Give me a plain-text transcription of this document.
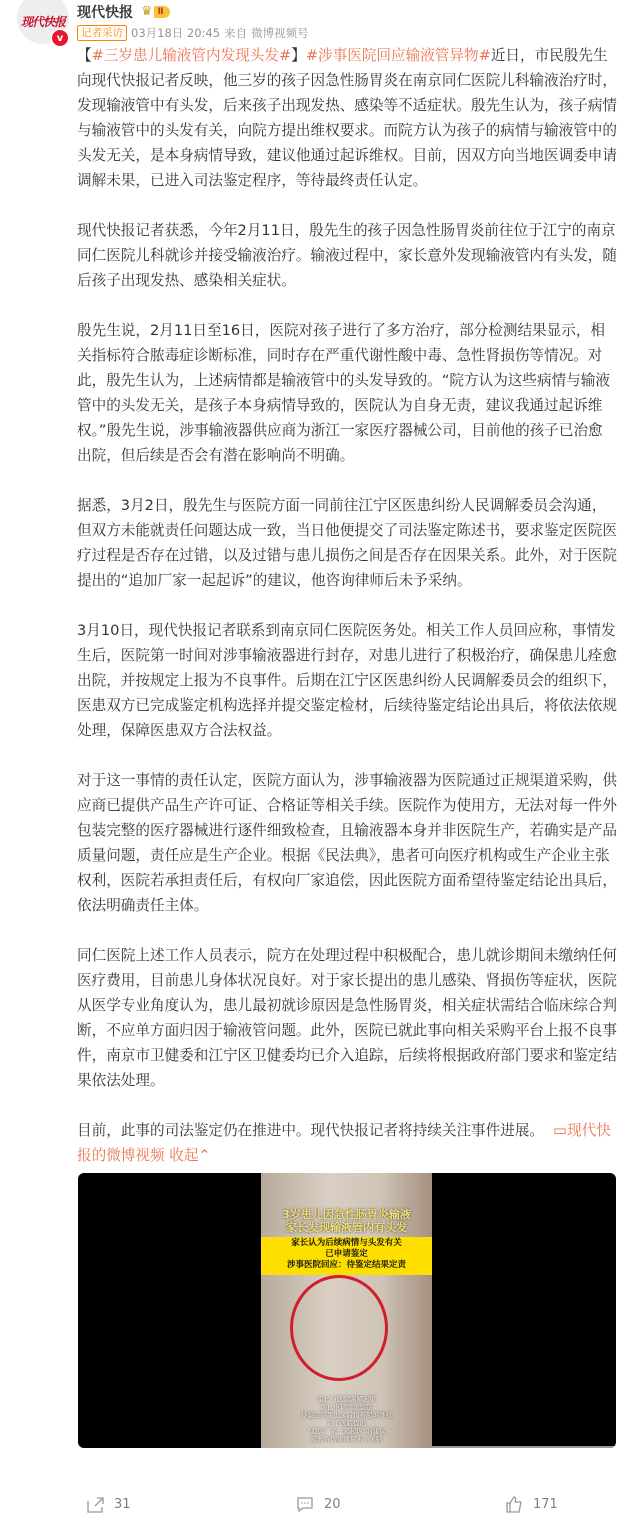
现代快报
v
现代快报 ♛ Ⅱ
记者采访 03月18日 20:45 来自 微博视频号

【#三岁患儿输液管内发现头发#】#涉事医院回应输液管异物#近日，市民殷先生向现代快报记者反映，他三岁的孩子因急性肠胃炎在南京同仁医院儿科输液治疗时，发现输液管中有头发，后来孩子出现发热、感染等不适症状。殷先生认为，孩子病情与输液管中的头发有关，向院方提出维权要求。而院方认为孩子的病情与输液管中的头发无关，是本身病情导致，建议他通过起诉维权。目前，因双方向当地医调委申请调解未果，已进入司法鉴定程序，等待最终责任认定。

现代快报记者获悉，今年2月11日，殷先生的孩子因急性肠胃炎前往位于江宁的南京同仁医院儿科就诊并接受输液治疗。输液过程中，家长意外发现输液管内有头发，随后孩子出现发热、感染相关症状。

殷先生说，2月11日至16日，医院对孩子进行了多方治疗，部分检测结果显示，相关指标符合脓毒症诊断标准，同时存在严重代谢性酸中毒、急性肾损伤等情况。对此，殷先生认为，上述病情都是输液管中的头发导致的。“院方认为这些病情与输液管中的头发无关，是孩子本身病情导致的，医院认为自身无责，建议我通过起诉维权。”殷先生说，涉事输液器供应商为浙江一家医疗器械公司，目前他的孩子已治愈出院，但后续是否会有潜在影响尚不明确。

据悉，3月2日，殷先生与医院方面一同前往江宁区医患纠纷人民调解委员会沟通，但双方未能就责任问题达成一致，当日他便提交了司法鉴定陈述书，要求鉴定医院医疗过程是否存在过错，以及过错与患儿损伤之间是否存在因果关系。此外，对于医院提出的“追加厂家一起起诉”的建议，他咨询律师后未予采纳。

3月10日，现代快报记者联系到南京同仁医院医务处。相关工作人员回应称，事情发生后，医院第一时间对涉事输液器进行封存，对患儿进行了积极治疗，确保患儿痊愈出院，并按规定上报为不良事件。后期在江宁区医患纠纷人民调解委员会的组织下，医患双方已完成鉴定机构选择并提交鉴定检材，后续待鉴定结论出具后，将依法依规处理，保障医患双方合法权益。

对于这一事情的责任认定，医院方面认为，涉事输液器为医院通过正规渠道采购，供应商已提供产品生产许可证、合格证等相关手续。医院作为使用方，无法对每一件外包装完整的医疗器械进行逐件细致检查，且输液器本身并非医院生产，若确实是产品质量问题，责任应是生产企业。根据《民法典》，患者可向医疗机构或生产企业主张权利，医院若承担责任后，有权向厂家追偿，因此医院方面希望待鉴定结论出具后，依法明确责任主体。

同仁医院上述工作人员表示，院方在处理过程中积极配合，患儿就诊期间未缴纳任何医疗费用，目前患儿身体状况良好。对于家长提出的患儿感染、肾损伤等症状，医院从医学专业角度认为，患儿最初就诊原因是急性肠胃炎，相关症状需结合临床综合判断，不应单方面归因于输液管问题。此外，医院已就此事向相关采购平台上报不良事件，南京市卫健委和江宁区卫健委均已介入追踪，后续将根据政府部门要求和鉴定结果依法处理。

目前，此事的司法鉴定仍在推进中。现代快报记者将持续关注事件进展。 ▭现代快报的微博视频 收起⌃

3岁患儿因急性肠胃炎输液
家长发现输液管内有头发
家长认为后续病情与头发有关
已申请鉴定
涉事医院回应：待鉴定结果定责
家长与医院调解无果
现已申请司法鉴定
待鉴定结果出来后将着起诉维权
对于医院提出
“追加厂家一起起诉”的建议
家长咨询律师后未予采纳
31	20	171
